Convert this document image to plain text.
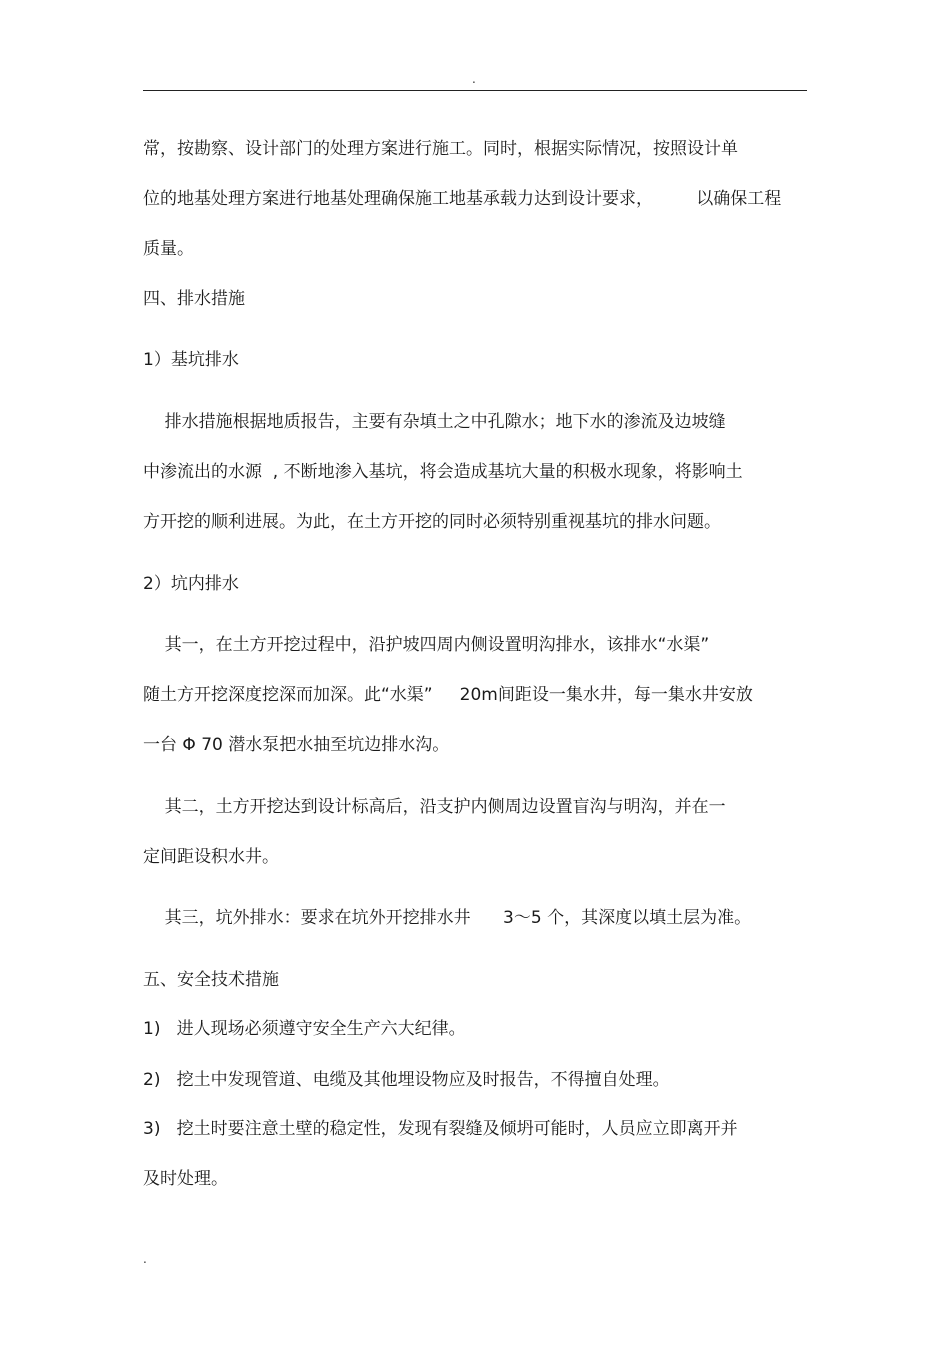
.
常，按勘察、设计部门的处理方案进行施工。同时，根据实际情况，按照设计单
位的地基处理方案进行地基处理确保施工地基承载力达到设计要求，        以确保工程
质量。
四、排水措施
1）基坑排水
排水措施根据地质报告，主要有杂填土之中孔隙水；地下水的渗流及边坡缝
中渗流出的水源  , 不断地渗入基坑，将会造成基坑大量的积极水现象，将影响土
方开挖的顺利进展。为此，在土方开挖的同时必须特别重视基坑的排水问题。
2）坑内排水
其一，在土方开挖过程中，沿护坡四周内侧设置明沟排水，该排水“水渠”
随土方开挖深度挖深而加深。此“水渠”     20m间距设一集水井，每一集水井安放
一台 Φ 70 潜水泵把水抽至坑边排水沟。
其二，土方开挖达到设计标高后，沿支护内侧周边设置盲沟与明沟，并在一
定间距设积水井。
其三，坑外排水：要求在坑外开挖排水井      3～5 个，其深度以填土层为准。
五、安全技术措施
1)   进人现场必须遵守安全生产六大纪律。
2)   挖土中发现管道、电缆及其他埋设物应及时报告，不得擅自处理。
3)   挖土时要注意土壁的稳定性，发现有裂缝及倾坍可能时，人员应立即离开并
及时处理。
.
